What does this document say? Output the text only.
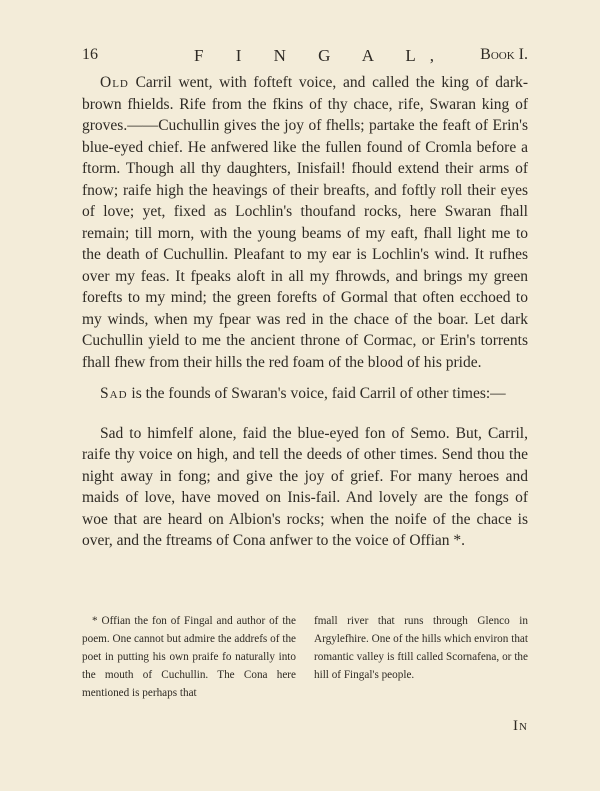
16	F I N G A L, Book I.

Old Carril went, with fofteft voice, and called the king of dark-brown fhields. Rife from the fkins of thy chace, rife, Swaran king of groves.——Cuchullin gives the joy of fhells; partake the feaft of Erin's blue-eyed chief. He anfwered like the fullen found of Cromla before a ftorm. Though all thy daughters, Inisfail! fhould extend their arms of fnow; raife high the heavings of their breafts, and foftly roll their eyes of love; yet, fixed as Lochlin's thoufand rocks, here Swaran fhall remain; till morn, with the young beams of my eaft, fhall light me to the death of Cuchullin. Pleafant to my ear is Lochlin's wind. It rufhes over my feas. It fpeaks aloft in all my fhrowds, and brings my green forefts to my mind; the green forefts of Gormal that often ecchoed to my winds, when my fpear was red in the chace of the boar. Let dark Cuchullin yield to me the ancient throne of Cormac, or Erin's torrents fhall fhew from their hills the red foam of the blood of his pride.

Sad is the founds of Swaran's voice, faid Carril of other times:—

Sad to himfelf alone, faid the blue-eyed fon of Semo. But, Carril, raife thy voice on high, and tell the deeds of other times. Send thou the night away in fong; and give the joy of grief. For many heroes and maids of love, have moved on Inis-fail. And lovely are the fongs of woe that are heard on Albion's rocks; when the noife of the chace is over, and the ftreams of Cona anfwer to the voice of Offian *.

* Offian the fon of Fingal and author of the poem. One cannot but admire the addrefs of the poet in putting his own praife fo naturally into the mouth of Cuchullin. The Cona here mentioned is perhaps that

fmall river that runs through Glenco in Argylefhire. One of the hills which environ that romantic valley is ftill called Scornafena, or the hill of Fingal's people.

In
